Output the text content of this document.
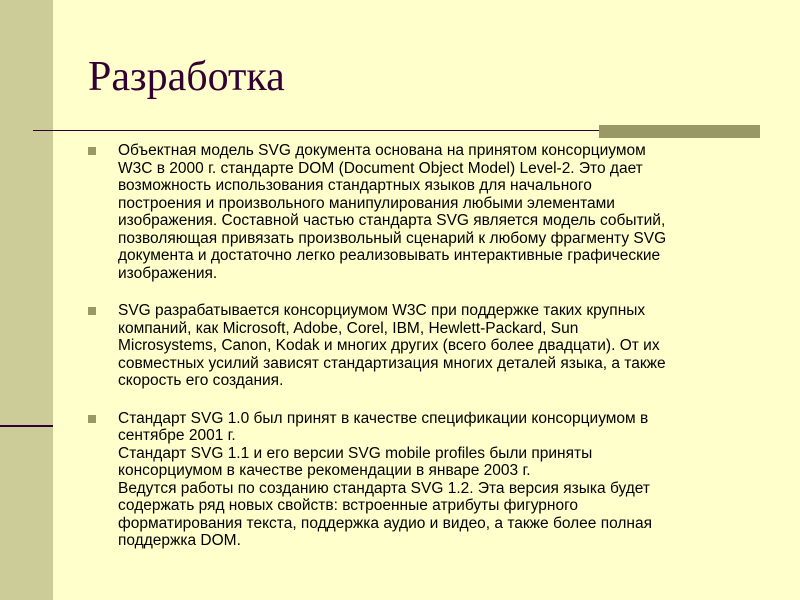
Разработка
Объектная модель SVG документа основана на принятом консорциумом
W3C в 2000 г. стандарте DOM (Document Object Model) Level-2. Это дает
возможность использования стандартных языков для начального
построения и произвольного манипулирования любыми элементами
изображения. Составной частью стандарта SVG является модель событий,
позволяющая привязать произвольный сценарий к любому фрагменту SVG
документа и достаточно легко реализовывать интерактивные графические
изображения.
SVG разрабатывается консорциумом W3C при поддержке таких крупных
компаний, как Microsoft, Adobe, Corel, IBM, Hewlett-Packard, Sun
Microsystems, Canon, Kodak и многих других (всего более двадцати). От их
совместных усилий зависят стандартизация многих деталей языка, а также
скорость его создания.
Стандарт SVG 1.0 был принят в качестве спецификации консорциумом в
сентябре 2001 г.
Стандарт SVG 1.1 и его версии SVG mobile profiles были приняты
консорциумом в качестве рекомендации в январе 2003 г.
Ведутся работы по созданию стандарта SVG 1.2. Эта версия языка будет
содержать ряд новых свойств: встроенные атрибуты фигурного
форматирования текста, поддержка аудио и видео, а также более полная
поддержка DOM.
